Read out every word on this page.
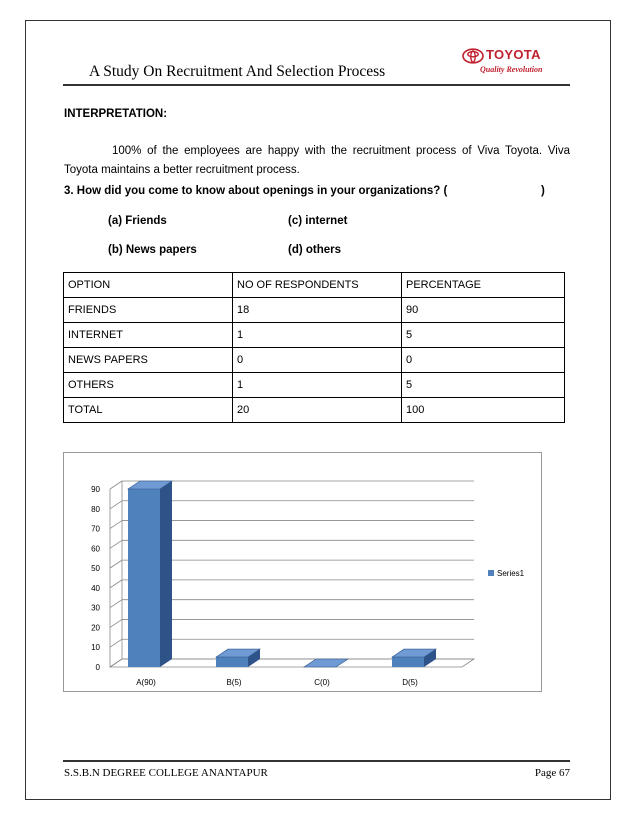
A Study On Recruitment And Selection Process
TOYOTA
Quality Revolution
INTERPRETATION:
100% of the employees are happy with the recruitment process of Viva Toyota. Viva Toyota maintains a better recruitment process.
3. How did you come to know about openings in your organizations? (	)
(a) Friends	(c) internet
(b) News papers	(d) others
OPTION	NO OF RESPONDENTS	PERCENTAGE
FRIENDS	18	90
INTERNET	1	5
NEWS PAPERS	0	0
OTHERS	1	5
TOTAL	20	100
0
10
20
30
40
50
60
70
80
90
A(90)	B(5)	C(0)	D(5)
Series1
S.S.B.N DEGREE COLLEGE ANANTAPUR	Page 67
